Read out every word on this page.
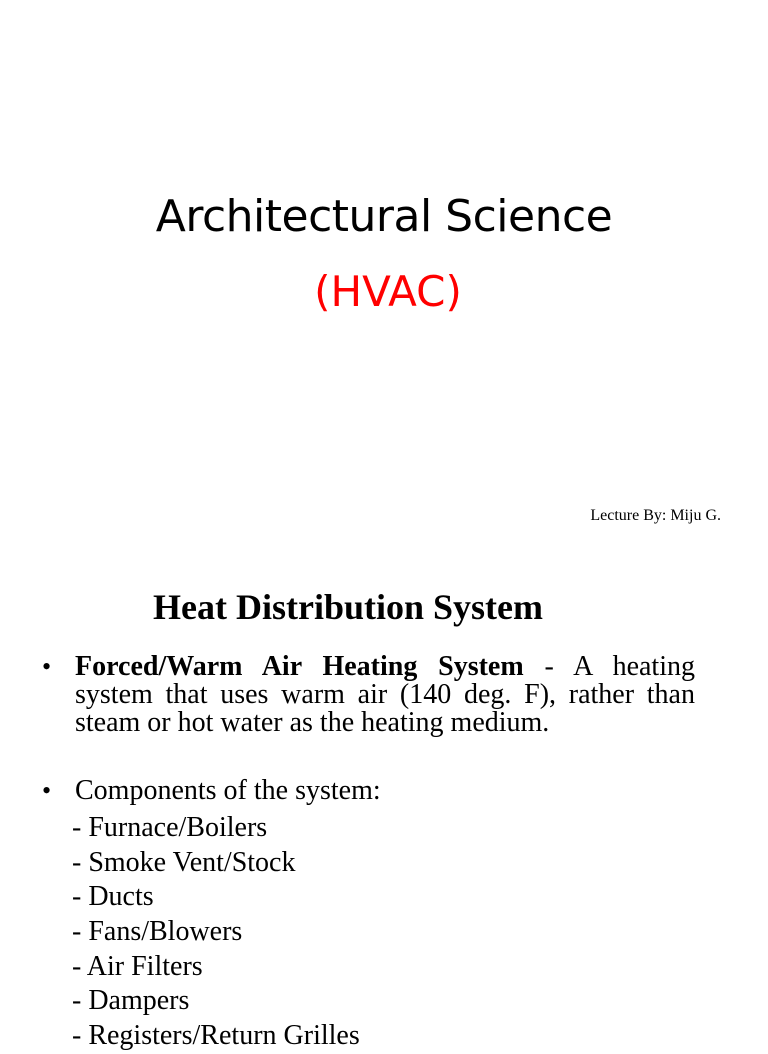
Architectural Science
(HVAC)
Lecture By: Miju G.
Heat Distribution System
• Forced/Warm Air Heating System - A heating system that uses warm air (140 deg. F), rather than steam or hot water as the heating medium.
• Components of the system:
- Furnace/Boilers
- Smoke Vent/Stock
- Ducts
- Fans/Blowers
- Air Filters
- Dampers
- Registers/Return Grilles
